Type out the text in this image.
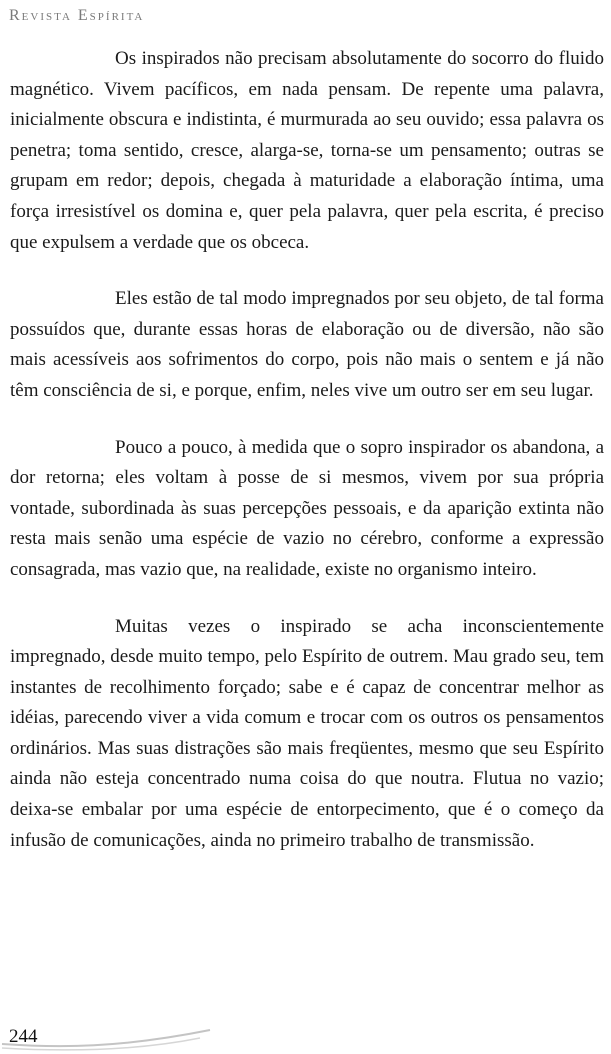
Revista Espírita

Os inspirados não precisam absolutamente do socorro do fluido magnético. Vivem pacíficos, em nada pensam. De repente uma palavra, inicialmente obscura e indistinta, é murmurada ao seu ouvido; essa palavra os penetra; toma sentido, cresce, alarga-se, torna-se um pensamento; outras se grupam em redor; depois, chegada à maturidade a elaboração íntima, uma força irresistível os domina e, quer pela palavra, quer pela escrita, é preciso que expulsem a verdade que os obceca.

Eles estão de tal modo impregnados por seu objeto, de tal forma possuídos que, durante essas horas de elaboração ou de diversão, não são mais acessíveis aos sofrimentos do corpo, pois não mais o sentem e já não têm consciência de si, e porque, enfim, neles vive um outro ser em seu lugar.

Pouco a pouco, à medida que o sopro inspirador os abandona, a dor retorna; eles voltam à posse de si mesmos, vivem por sua própria vontade, subordinada às suas percepções pessoais, e da aparição extinta não resta mais senão uma espécie de vazio no cérebro, conforme a expressão consagrada, mas vazio que, na realidade, existe no organismo inteiro.

Muitas vezes o inspirado se acha inconscientemente impregnado, desde muito tempo, pelo Espírito de outrem. Mau grado seu, tem instantes de recolhimento forçado; sabe e é capaz de concentrar melhor as idéias, parecendo viver a vida comum e trocar com os outros os pensamentos ordinários. Mas suas distrações são mais freqüentes, mesmo que seu Espírito ainda não esteja concentrado numa coisa do que noutra. Flutua no vazio; deixa-se embalar por uma espécie de entorpecimento, que é o começo da infusão de comunicações, ainda no primeiro trabalho de transmissão.

244
